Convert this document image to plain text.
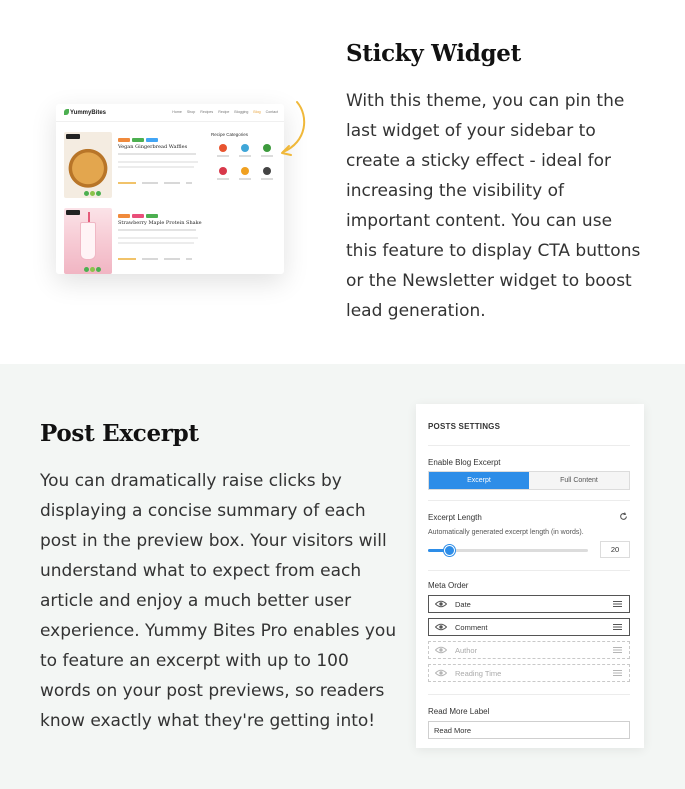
YummyBites	Home Shop Recipes Recipe Blogging Blog Contact
Vegan Gingerbread Waffles
Strawberry Maple Protein Shake
Recipe Categories
Sticky Widget

With this theme, you can pin the last widget of your sidebar to create a sticky effect - ideal for increasing the visibility of important content. You can use this feature to display CTA buttons or the Newsletter widget to boost lead generation.

Post Excerpt

You can dramatically raise clicks by displaying a concise summary of each post in the preview box. Your visitors will understand what to expect from each article and enjoy a much better user experience. Yummy Bites Pro enables you to feature an excerpt with up to 100 words on your post previews, so readers know exactly what they're getting into!

POSTS SETTINGS
Enable Blog Excerpt
Excerpt	Full Content
Excerpt Length
Automatically generated excerpt length (in words).
20
Meta Order
Date
Comment
Author
Reading Time
Read More Label
Read More
